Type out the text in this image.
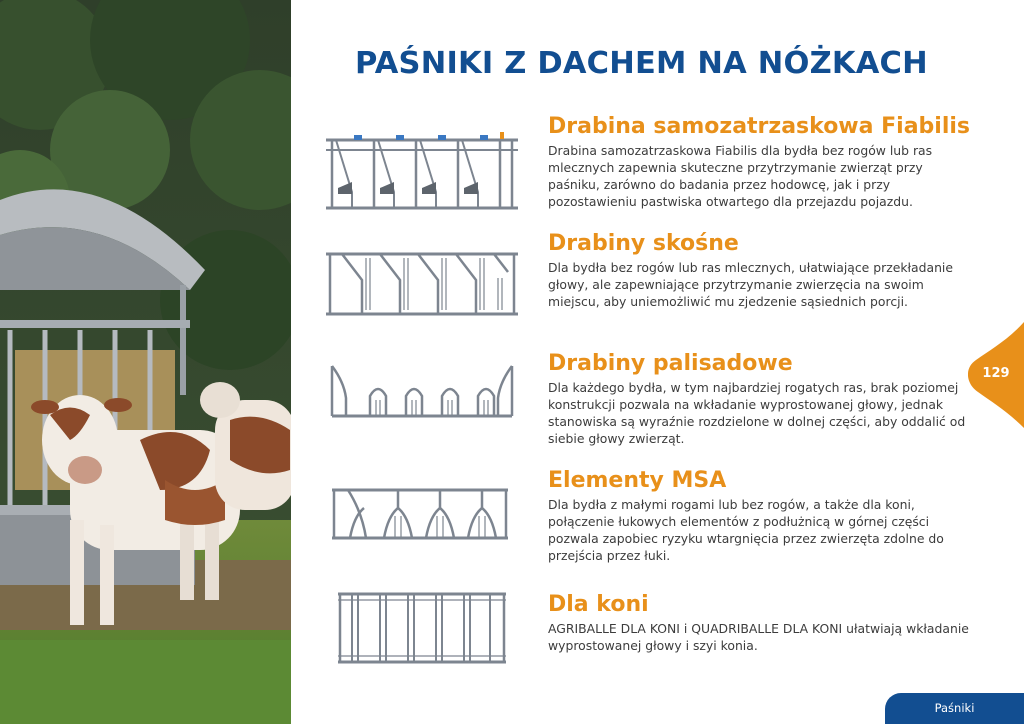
PAŚNIKI Z DACHEM NA NÓŻKACH
Drabina samozatrzaskowa Fiabilis

Drabina samozatrzaskowa Fiabilis dla bydła bez rogów lub ras mlecznych zapewnia skuteczne przytrzymanie zwierząt przy paśniku, zarówno do badania przez hodowcę, jak i przy pozostawieniu pastwiska otwartego dla przejazdu pojazdu.

Drabiny skośne

Dla bydła bez rogów lub ras mlecznych, ułatwiające przekładanie głowy, ale zapewniające przytrzymanie zwierzęcia na swoim miejscu, aby uniemożliwić mu zjedzenie sąsiednich porcji.

Drabiny palisadowe

Dla każdego bydła, w tym najbardziej rogatych ras, brak poziomej konstrukcji pozwala na wkładanie wyprostowanej głowy, jednak stanowiska są wyraźnie rozdzielone w dolnej części, aby oddalić od siebie głowy zwierząt.

Elementy MSA

Dla bydła z małymi rogami lub bez rogów, a także dla koni, połączenie łukowych elementów z podłużnicą w górnej części pozwala zapobiec ryzyku wtargnięcia przez zwierzęta zdolne do przejścia przez łuki.

Dla koni

AGRIBALLE DLA KONI i QUADRIBALLE DLA KONI ułatwiają wkładanie wyprostowanej głowy i szyi konia.

129
Paśniki
